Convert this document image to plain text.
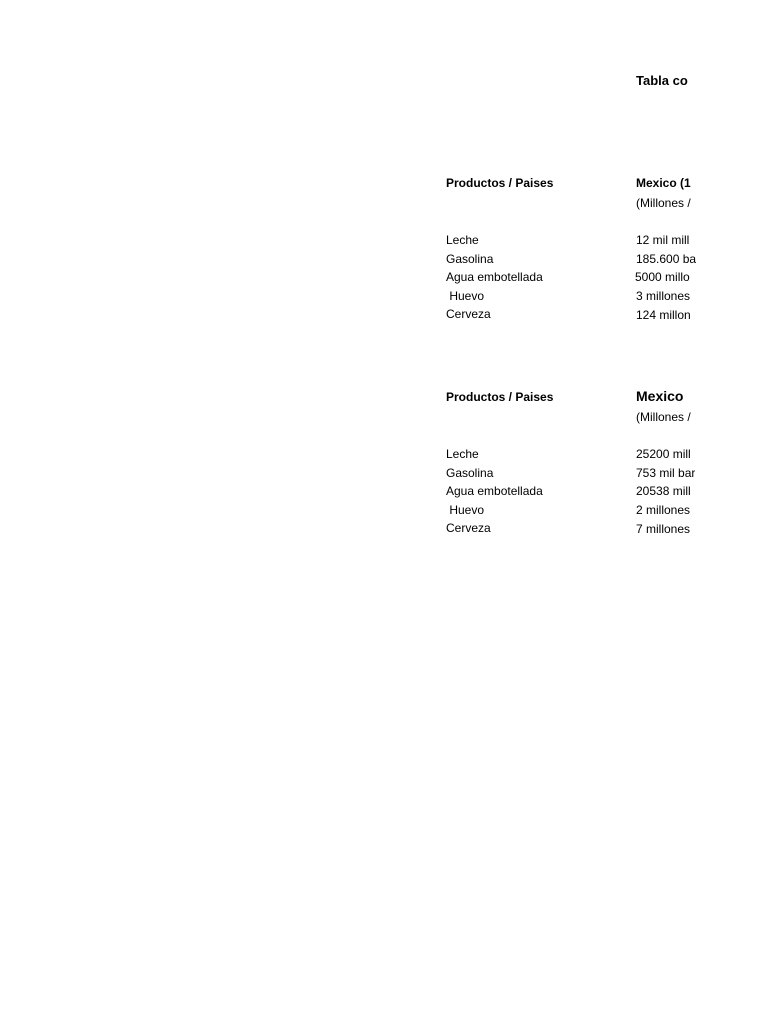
Tabla co
Productos / Paises	Mexico (1
(Millones /
Leche	12 mil mill
Gasolina	185.600 ba
Agua embotellada	5000 millo
Huevo	3 millones
Cerveza	124 millon
Productos / Paises	Mexico
(Millones /
Leche	25200 mill
Gasolina	753 mil bar
Agua embotellada	20538 mill
Huevo	2 millones
Cerveza	7 millones
